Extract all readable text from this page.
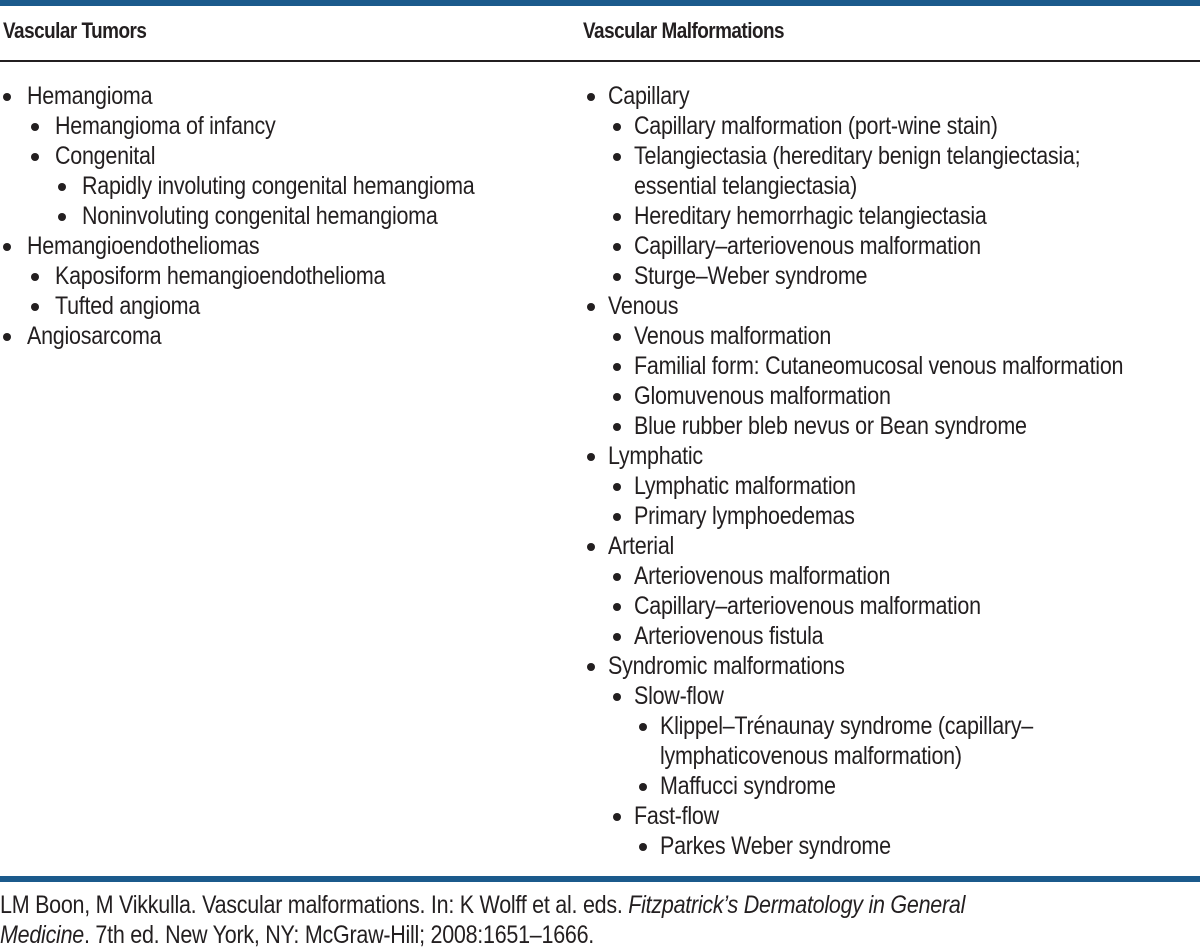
Vascular Tumors	Vascular Malformations
Hemangioma
Hemangioma of infancy
Congenital
Rapidly involuting congenital hemangioma
Noninvoluting congenital hemangioma
Hemangioendotheliomas
Kaposiform hemangioendothelioma
Tufted angioma
Angiosarcoma
Capillary
Capillary malformation (port-wine stain)
Telangiectasia (hereditary benign telangiectasia;
essential telangiectasia)
Hereditary hemorrhagic telangiectasia
Capillary–arteriovenous malformation
Sturge–Weber syndrome
Venous
Venous malformation
Familial form: Cutaneomucosal venous malformation
Glomuvenous malformation
Blue rubber bleb nevus or Bean syndrome
Lymphatic
Lymphatic malformation
Primary lymphoedemas
Arterial
Arteriovenous malformation
Capillary–arteriovenous malformation
Arteriovenous fistula
Syndromic malformations
Slow-flow
Klippel–Trénaunay syndrome (capillary–
lymphaticovenous malformation)
Maffucci syndrome
Fast-flow
Parkes Weber syndrome
LM Boon, M Vikkulla. Vascular malformations. In: K Wolff et al. eds. Fitzpatrick’s Dermatology in General
Medicine. 7th ed. New York, NY: McGraw-Hill; 2008:1651–1666.
